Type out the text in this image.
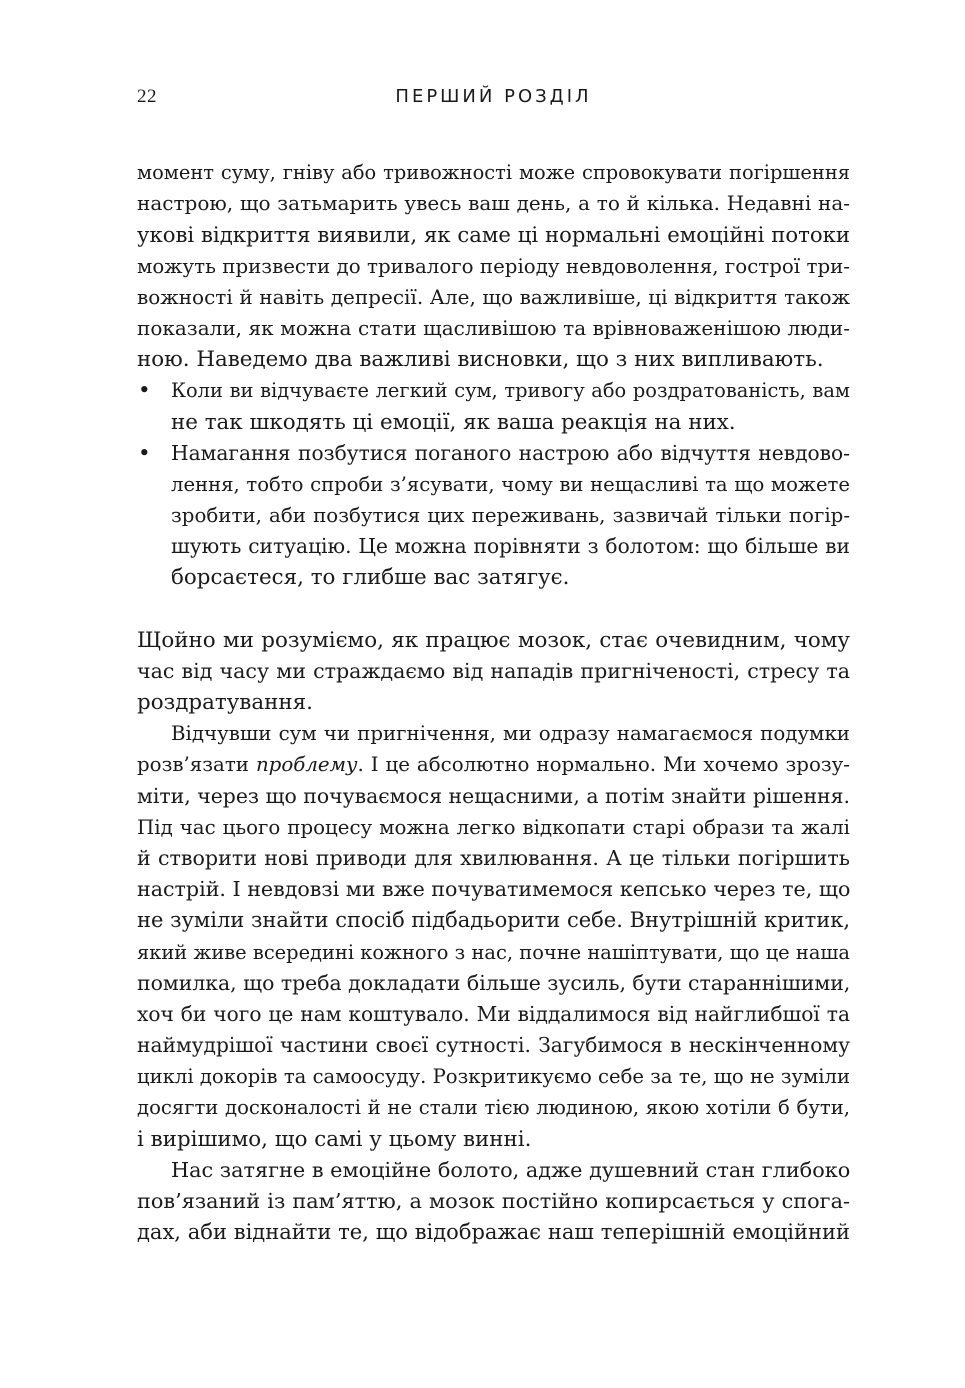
22	ПЕРШИЙ РОЗДІЛ
момент суму, гніву або тривожності може спровокувати погіршення
настрою, що затьмарить увесь ваш день, а то й кілька. Недавні на-
укові відкриття виявили, як саме ці нормальні емоційні потоки
можуть призвести до тривалого періоду невдоволення, гострої три-
вожності й навіть депресії. Але, що важливіше, ці відкриття також
показали, як можна стати щасливішою та врівноваженішою люди-
ною. Наведемо два важливі висновки, що з них випливають.
•	Коли ви відчуваєте легкий сум, тривогу або роздратованість, вам
не так шкодять ці емоції, як ваша реакція на них.
•	Намагання позбутися поганого настрою або відчуття невдово-
лення, тобто спроби з’ясувати, чому ви нещасливі та що можете
зробити, аби позбутися цих переживань, зазвичай тільки погір-
шують ситуацію. Це можна порівняти з болотом: що більше ви
борсаєтеся, то глибше вас затягує.
Щойно ми розуміємо, як працює мозок, стає очевидним, чому
час від часу ми страждаємо від нападів пригніченості, стресу та
роздратування.
Відчувши сум чи пригнічення, ми одразу намагаємося подумки
розв’язати проблему. І це абсолютно нормально. Ми хочемо зрозу-
міти, через що почуваємося нещасними, а потім знайти рішення.
Під час цього процесу можна легко відкопати старі образи та жалі
й створити нові приводи для хвилювання. А це тільки погіршить
настрій. І невдовзі ми вже почуватимемося кепсько через те, що
не зуміли знайти спосіб підбадьорити себе. Внутрішній критик,
який живе всередині кожного з нас, почне нашіптувати, що це наша
помилка, що треба докладати більше зусиль, бути стараннішими,
хоч би чого це нам коштувало. Ми віддалимося від найглибшої та
наймудрішої частини своєї сутності. Загубимося в нескінченному
циклі докорів та самоосуду. Розкритикуємо себе за те, що не зуміли
досягти досконалості й не стали тією людиною, якою хотіли б бути,
і вирішимо, що самі у цьому винні.
Нас затягне в емоційне болото, адже душевний стан глибоко
пов’язаний із пам’яттю, а мозок постійно копирсається у спога-
дах, аби віднайти те, що відображає наш теперішній емоційний
